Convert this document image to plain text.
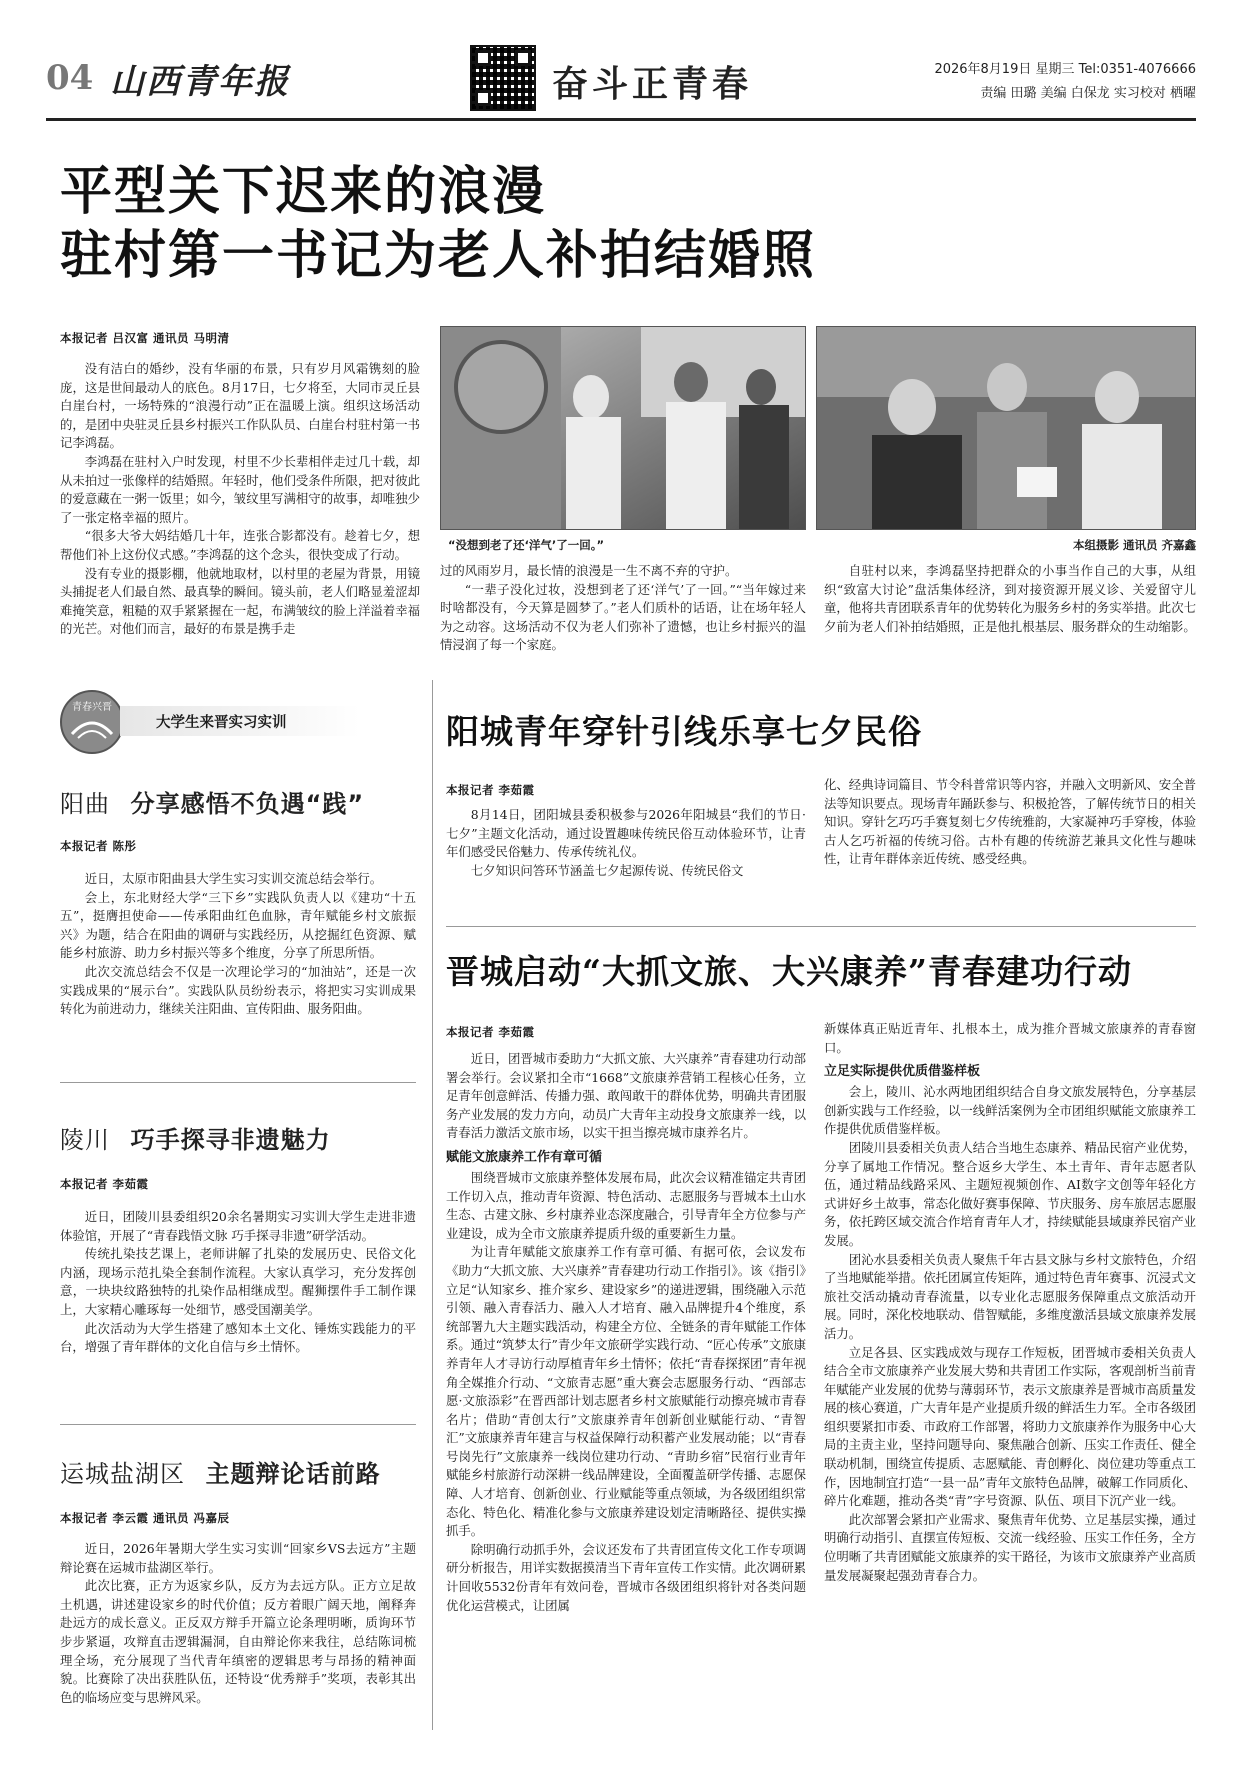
04 山西青年报	奋斗正青春	2026年8月19日 星期三 Tel:0351-4076666
责编 田璐 美编 白保龙 实习校对 栖曜
平型关下迟来的浪漫
驻村第一书记为老人补拍结婚照
本报记者 吕汉富 通讯员 马明清

没有洁白的婚纱，没有华丽的布景，只有岁月风霜镌刻的脸庞，这是世间最动人的底色。8月17日，七夕将至，大同市灵丘县白崖台村，一场特殊的“浪漫行动”正在温暖上演。组织这场活动的，是团中央驻灵丘县乡村振兴工作队队员、白崖台村驻村第一书记李鸿磊。

李鸿磊在驻村入户时发现，村里不少长辈相伴走过几十载，却从未拍过一张像样的结婚照。年轻时，他们受条件所限，把对彼此的爱意藏在一粥一饭里；如今，皱纹里写满相守的故事，却唯独少了一张定格幸福的照片。

“很多大爷大妈结婚几十年，连张合影都没有。趁着七夕，想帮他们补上这份仪式感。”李鸿磊的这个念头，很快变成了行动。

没有专业的摄影棚，他就地取材，以村里的老屋为背景，用镜头捕捉老人们最自然、最真挚的瞬间。镜头前，老人们略显羞涩却难掩笑意，粗糙的双手紧紧握在一起，布满皱纹的脸上洋溢着幸福的光芒。对他们而言，最好的布景是携手走

“没想到老了还‘洋气’了一回。”	本组摄影 通讯员 齐嘉鑫

过的风雨岁月，最长情的浪漫是一生不离不弃的守护。

“一辈子没化过妆，没想到老了还‘洋气’了一回。”“当年嫁过来时啥都没有，今天算是圆梦了。”老人们质朴的话语，让在场年轻人为之动容。这场活动不仅为老人们弥补了遗憾，也让乡村振兴的温情浸润了每一个家庭。

自驻村以来，李鸿磊坚持把群众的小事当作自己的大事，从组织“致富大讨论”盘活集体经济，到对接资源开展义诊、关爱留守儿童，他将共青团联系青年的优势转化为服务乡村的务实举措。此次七夕前为老人们补拍结婚照，正是他扎根基层、服务群众的生动缩影。

青春兴晋
大学生来晋实习实训
阳曲 分享感悟不负遇“践”
本报记者 陈彤

近日，太原市阳曲县大学生实习实训交流总结会举行。

会上，东北财经大学“三下乡”实践队负责人以《建功“十五五”，挺膺担使命——传承阳曲红色血脉，青年赋能乡村文旅振兴》为题，结合在阳曲的调研与实践经历，从挖掘红色资源、赋能乡村旅游、助力乡村振兴等多个维度，分享了所思所悟。

此次交流总结会不仅是一次理论学习的“加油站”，还是一次实践成果的“展示台”。实践队队员纷纷表示，将把实习实训成果转化为前进动力，继续关注阳曲、宣传阳曲、服务阳曲。

陵川 巧手探寻非遗魅力
本报记者 李茹霞

近日，团陵川县委组织20余名暑期实习实训大学生走进非遗体验馆，开展了“青春践悟文脉 巧手探寻非遗”研学活动。

传统扎染技艺课上，老师讲解了扎染的发展历史、民俗文化内涵，现场示范扎染全套制作流程。大家认真学习，充分发挥创意，一块块纹路独特的扎染作品相继成型。醒狮摆件手工制作课上，大家精心雕琢每一处细节，感受国潮美学。

此次活动为大学生搭建了感知本土文化、锤炼实践能力的平台，增强了青年群体的文化自信与乡土情怀。

运城盐湖区 主题辩论话前路
本报记者 李云霞 通讯员 冯嘉辰

近日，2026年暑期大学生实习实训“回家乡VS去远方”主题辩论赛在运城市盐湖区举行。

此次比赛，正方为返家乡队，反方为去远方队。正方立足故土机遇，讲述建设家乡的时代价值；反方着眼广阔天地，阐释奔赴远方的成长意义。正反双方辩手开篇立论条理明晰，质询环节步步紧逼，攻辩直击逻辑漏洞，自由辩论你来我往，总结陈词梳理全场，充分展现了当代青年缜密的逻辑思考与昂扬的精神面貌。比赛除了决出获胜队伍，还特设“优秀辩手”奖项，表彰其出色的临场应变与思辨风采。

阳城青年穿针引线乐享七夕民俗
本报记者 李茹霞

8月14日，团阳城县委积极参与2026年阳城县“我们的节日·七夕”主题文化活动，通过设置趣味传统民俗互动体验环节，让青年们感受民俗魅力、传承传统礼仪。

七夕知识问答环节涵盖七夕起源传说、传统民俗文

化、经典诗词篇目、节令科普常识等内容，并融入文明新风、安全普法等知识要点。现场青年踊跃参与、积极抢答，了解传统节日的相关知识。穿针乞巧巧手赛复刻七夕传统雅韵，大家凝神巧手穿梭，体验古人乞巧祈福的传统习俗。古朴有趣的传统游艺兼具文化性与趣味性，让青年群体亲近传统、感受经典。

晋城启动“大抓文旅、大兴康养”青春建功行动
本报记者 李茹霞

近日，团晋城市委助力“大抓文旅、大兴康养”青春建功行动部署会举行。会议紧扣全市“1668”文旅康养营销工程核心任务，立足青年创意鲜活、传播力强、敢闯敢干的群体优势，明确共青团服务产业发展的发力方向，动员广大青年主动投身文旅康养一线，以青春活力激活文旅市场，以实干担当擦亮城市康养名片。

赋能文旅康养工作有章可循

围绕晋城市文旅康养整体发展布局，此次会议精准锚定共青团工作切入点，推动青年资源、特色活动、志愿服务与晋城本土山水生态、古建文脉、乡村康养业态深度融合，引导青年全方位参与产业建设，成为全市文旅康养提质升级的重要新生力量。

为让青年赋能文旅康养工作有章可循、有据可依，会议发布《助力“大抓文旅、大兴康养”青春建功行动工作指引》。该《指引》立足“认知家乡、推介家乡、建设家乡”的递进逻辑，围绕融入示范引领、融入青春活力、融入人才培育、融入品牌提升4个维度，系统部署九大主题实践活动，构建全方位、全链条的青年赋能工作体系。通过“筑梦太行”青少年文旅研学实践行动、“匠心传承”文旅康养青年人才寻访行动厚植青年乡土情怀；依托“青春探探团”青年视角全媒推介行动、“文旅青志愿”重大赛会志愿服务行动、“西部志愿·文旅添彩”在晋西部计划志愿者乡村文旅赋能行动擦亮城市青春名片；借助“青创太行”文旅康养青年创新创业赋能行动、“青智汇”文旅康养青年建言与权益保障行动积蓄产业发展动能；以“青春号岗先行”文旅康养一线岗位建功行动、“青助乡宿”民宿行业青年赋能乡村旅游行动深耕一线品牌建设，全面覆盖研学传播、志愿保障、人才培育、创新创业、行业赋能等重点领域，为各级团组织常态化、特色化、精准化参与文旅康养建设划定清晰路径、提供实操抓手。

除明确行动抓手外，会议还发布了共青团宣传文化工作专项调研分析报告，用详实数据摸清当下青年宣传工作实情。此次调研累计回收5532份青年有效问卷，晋城市各级团组织将针对各类问题优化运营模式，让团属

新媒体真正贴近青年、扎根本土，成为推介晋城文旅康养的青春窗口。

立足实际提供优质借鉴样板

会上，陵川、沁水两地团组织结合自身文旅发展特色，分享基层创新实践与工作经验，以一线鲜活案例为全市团组织赋能文旅康养工作提供优质借鉴样板。

团陵川县委相关负责人结合当地生态康养、精品民宿产业优势，分享了属地工作情况。整合返乡大学生、本土青年、青年志愿者队伍，通过精品线路采风、主题短视频创作、AI数字文创等年轻化方式讲好乡土故事，常态化做好赛事保障、节庆服务、房车旅居志愿服务，依托跨区域交流合作培育青年人才，持续赋能县域康养民宿产业发展。

团沁水县委相关负责人聚焦千年古县文脉与乡村文旅特色，介绍了当地赋能举措。依托团属宣传矩阵，通过特色青年赛事、沉浸式文旅社交活动撬动青春流量，以专业化志愿服务保障重点文旅活动开展。同时，深化校地联动、借智赋能，多维度激活县域文旅康养发展活力。

立足各县、区实践成效与现存工作短板，团晋城市委相关负责人结合全市文旅康养产业发展大势和共青团工作实际，客观剖析当前青年赋能产业发展的优势与薄弱环节，表示文旅康养是晋城市高质量发展的核心赛道，广大青年是产业提质升级的鲜活生力军。全市各级团组织要紧扣市委、市政府工作部署，将助力文旅康养作为服务中心大局的主责主业，坚持问题导向、聚焦融合创新、压实工作责任、健全联动机制，围绕宣传提质、志愿赋能、青创孵化、岗位建功等重点工作，因地制宜打造“一县一品”青年文旅特色品牌，破解工作同质化、碎片化难题，推动各类“青”字号资源、队伍、项目下沉产业一线。

此次部署会紧扣产业需求、聚焦青年优势、立足基层实操，通过明确行动指引、直摆宣传短板、交流一线经验、压实工作任务，全方位明晰了共青团赋能文旅康养的实干路径，为该市文旅康养产业高质量发展凝聚起强劲青春合力。
